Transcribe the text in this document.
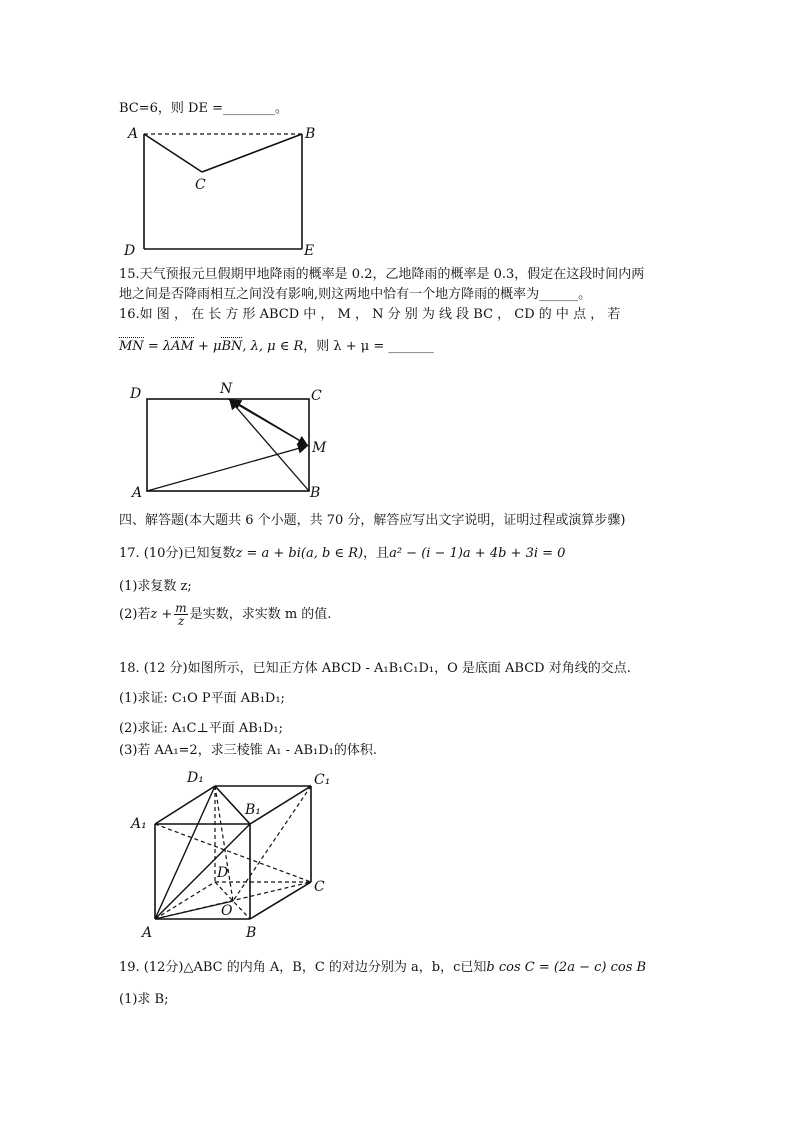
BC=6，则 DE =________。
A	B
C
D	E
15.天气预报元旦假期甲地降雨的概率是 0.2，乙地降雨的概率是 0.3，假定在这段时间内两
地之间是否降雨相互之间没有影响,则这两地中恰有一个地方降雨的概率为______。
16.如 图 ， 在 长 方 形 ABCD 中 ， M ， N 分 别 为 线 段 BC ， CD 的 中 点 ， 若
MN = λAM + μBN, λ, μ ∈ R，则 λ + μ = _______
D	N	C
M
A	B
四、解答题(本大题共 6 个小题，共 70 分，解答应写出文字说明，证明过程或演算步骤)
17. (10分)已知复数z = a + bi(a, b ∈ R)，且a² − (i − 1)a + 4b + 3i = 0
(1)求复数 z;
(2)若$z + \frac{m}{z}$ 是实数，求实数 m 的值.
18. (12 分)如图所示，已知正方体 ABCD - A₁B₁C₁D₁，O 是底面 ABCD 对角线的交点.
(1)求证: C₁O P平面 AB₁D₁;
(2)求证: A₁C⊥平面 AB₁D₁;
(3)若 AA₁=2，求三棱锥 A₁ - AB₁D₁的体积.
D₁	C₁
B₁
A₁
D
C
O
A	B
19. (12分)△ABC 的内角 A，B，C 的对边分别为 a，b，c已知b cos C = (2a − c) cos B
(1)求 B;
